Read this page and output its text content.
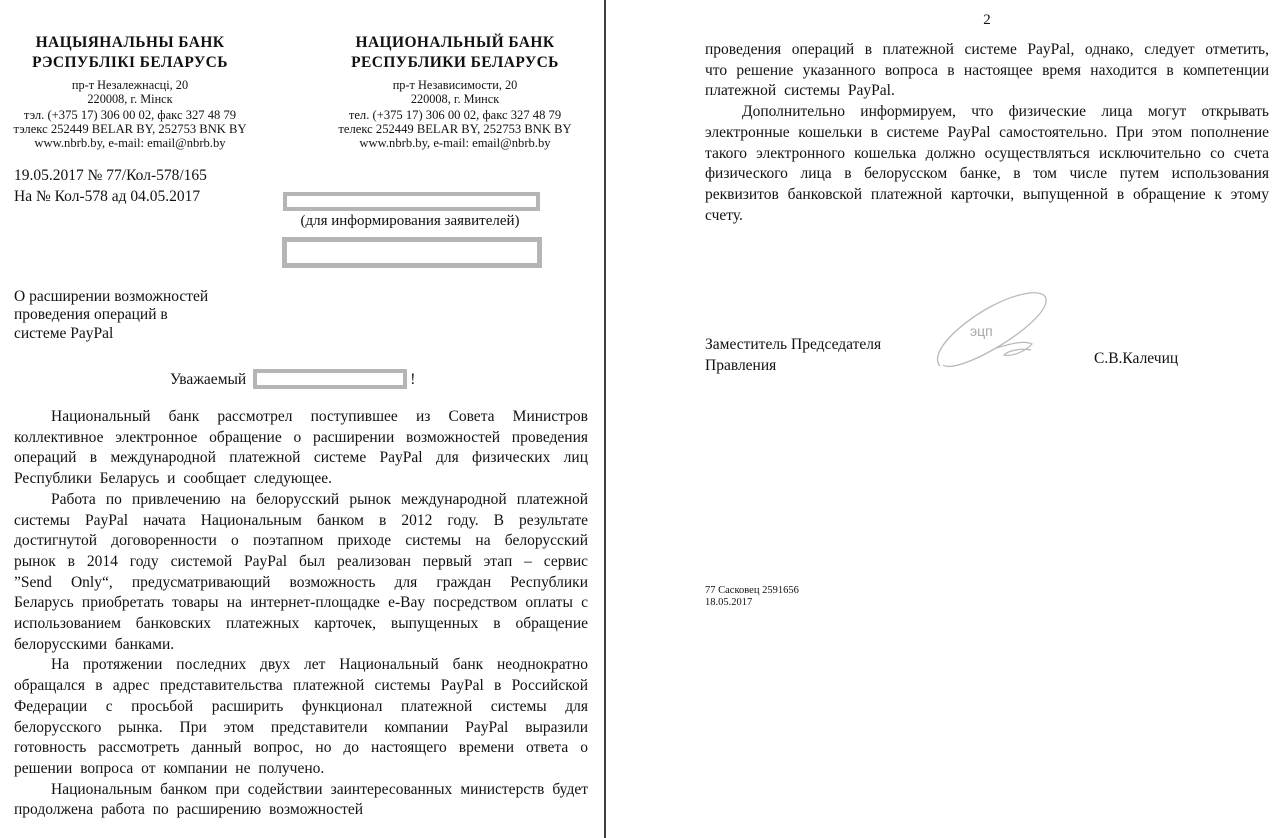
НАЦЫЯНАЛЬНЫ БАНК
РЭСПУБЛІКІ БЕЛАРУСЬ
пр-т Незалежнасці, 20
220008, г. Мінск
тэл. (+375 17) 306 00 02, факс 327 48 79
тэлекс 252449 BELAR BY, 252753 BNK BY
www.nbrb.by, e-mail: email@nbrb.by
НАЦИОНАЛЬНЫЙ БАНК
РЕСПУБЛИКИ БЕЛАРУСЬ
пр-т Независимости, 20
220008, г. Минск
тел. (+375 17) 306 00 02, факс 327 48 79
телекс 252449 BELAR BY, 252753 BNK BY
www.nbrb.by, e-mail: email@nbrb.by
19.05.2017 № 77/Кол-578/165
На № Кол-578 ад 04.05.2017
(для информирования заявителей)
О расширении возможностей
проведения операций в
системе PayPal
Уважаемый	!

Национальный банк рассмотрел поступившее из Совета Министров коллективное электронное обращение о расширении возможностей проведения операций в международной платежной системе PayPal для физических лиц Республики Беларусь и сообщает следующее.

Работа по привлечению на белорусский рынок международной платежной системы PayPal начата Национальным банком в 2012 году. В результате достигнутой договоренности о поэтапном приходе системы на белорусский рынок в 2014 году системой PayPal был реализован первый этап – сервис ”Send Only“, предусматривающий возможность для граждан Республики Беларусь приобретать товары на интернет-площадке e-Bay посредством оплаты с использованием банковских платежных карточек, выпущенных в обращение белорусскими банками.

На протяжении последних двух лет Национальный банк неоднократно обращался в адрес представительства платежной системы PayPal в Российской Федерации с просьбой расширить функционал платежной системы для белорусского рынка. При этом представители компании PayPal выразили готовность рассмотреть данный вопрос, но до настоящего времени ответа о решении вопроса от компании не получено.

Национальным банком при содействии заинтересованных министерств будет продолжена работа по расширению возможностей

2

проведения операций в платежной системе PayPal, однако, следует отметить, что решение указанного вопроса в настоящее время находится в компетенции платежной системы PayPal.

Дополнительно информируем, что физические лица могут открывать электронные кошельки в системе PayPal самостоятельно. При этом пополнение такого электронного кошелька должно осуществляться исключительно со счета физического лица в белорусском банке, в том числе путем использования реквизитов банковской платежной карточки, выпущенной в обращение к этому счету.

Заместитель Председателя
Правления
эцп
С.В.Калечиц
77 Сасковец 2591656
18.05.2017
